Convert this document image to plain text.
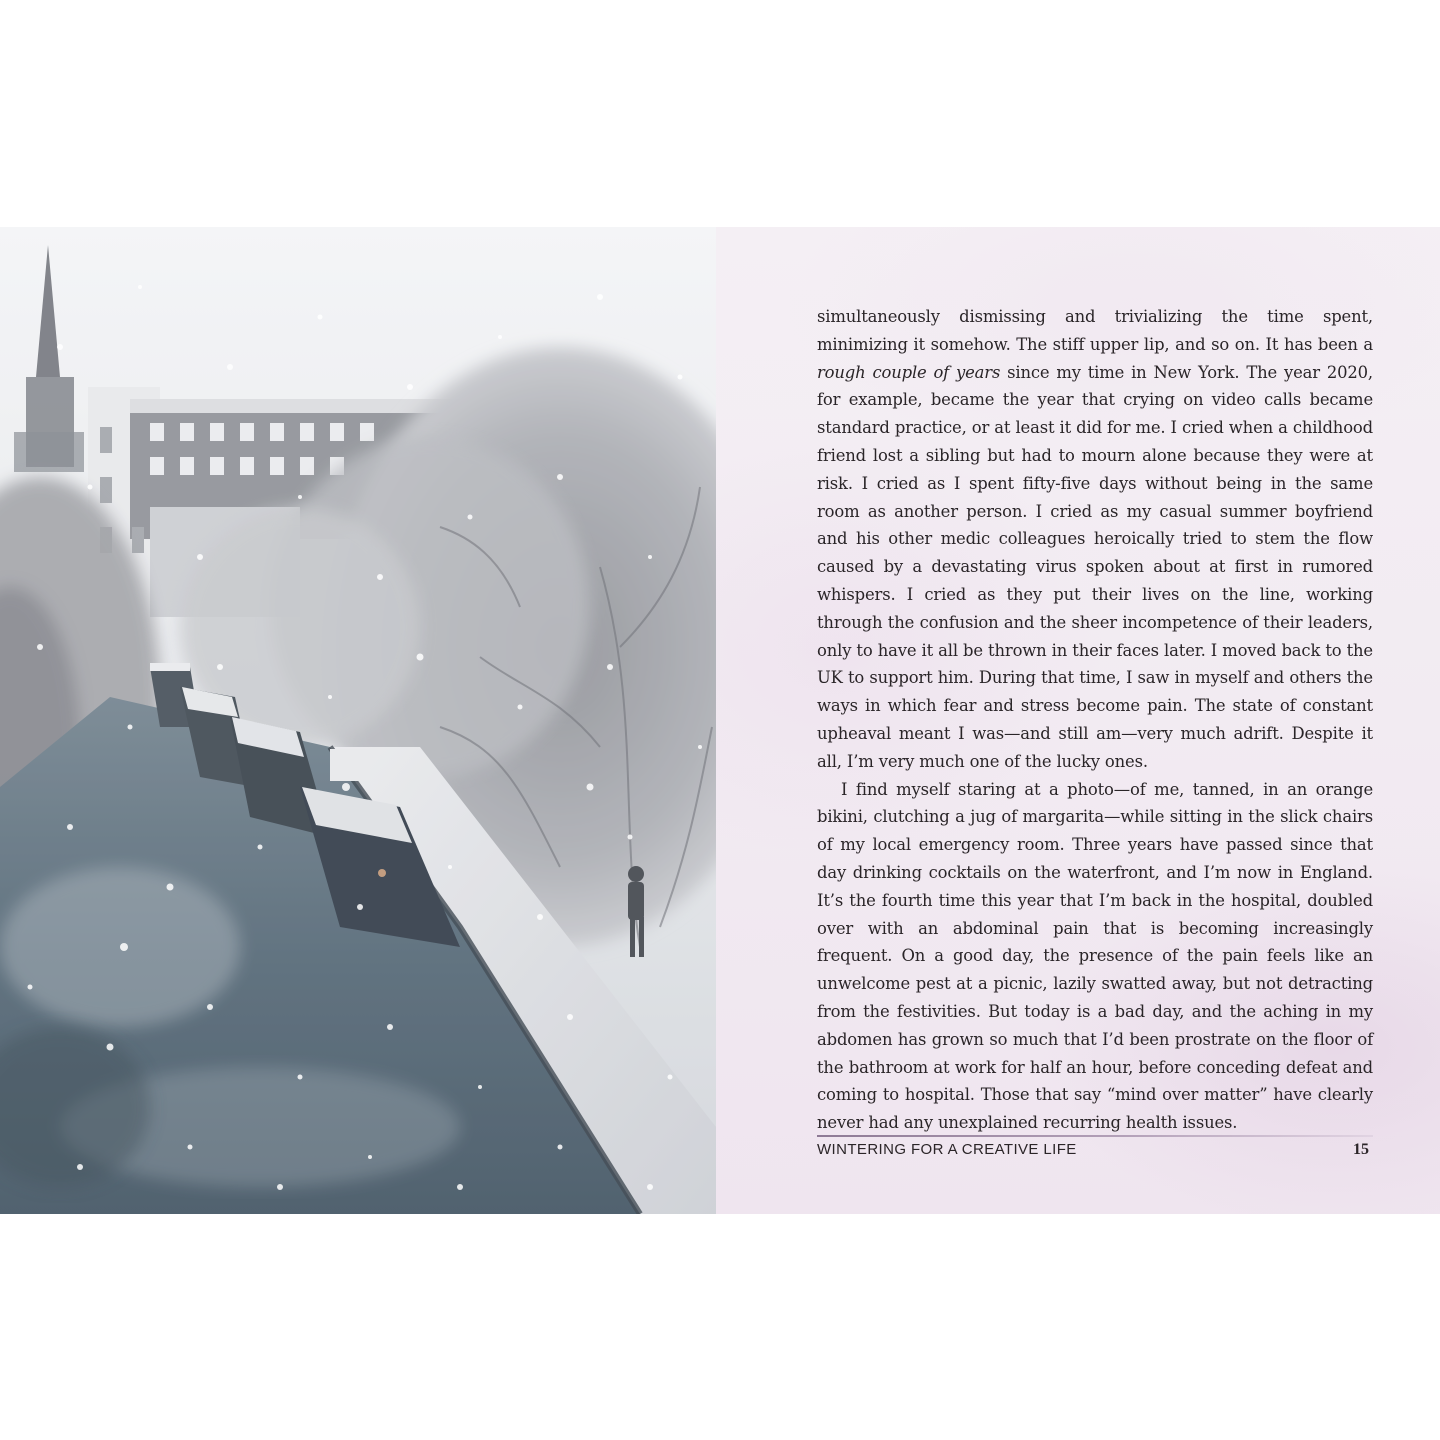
simultaneously dismissing and trivializing the time spent, minimizing it somehow. The stiff upper lip, and so on. It has been a rough couple of years since my time in New York. The year 2020, for example, became the year that crying on video calls became standard practice, or at least it did for me. I cried when a childhood friend lost a sibling but had to mourn alone because they were at risk. I cried as I spent fifty-five days without being in the same room as another person. I cried as my casual summer boyfriend and his other medic colleagues heroically tried to stem the flow caused by a devastating virus spoken about at first in rumored whispers. I cried as they put their lives on the line, working through the confusion and the sheer incompetence of their leaders, only to have it all be thrown in their faces later. I moved back to the UK to support him. During that time, I saw in myself and others the ways in which fear and stress become pain. The state of constant upheaval meant I was—and still am—very much adrift. Despite it all, I’m very much one of the lucky ones.

I find myself staring at a photo—of me, tanned, in an orange bikini, clutching a jug of margarita—while sitting in the slick chairs of my local emergency room. Three years have passed since that day drinking cocktails on the waterfront, and I’m now in England. It’s the fourth time this year that I’m back in the hospital, doubled over with an abdominal pain that is becoming increasingly frequent. On a good day, the presence of the pain feels like an unwelcome pest at a picnic, lazily swatted away, but not detracting from the festivities. But today is a bad day, and the aching in my abdomen has grown so much that I’d been prostrate on the floor of the bathroom at work for half an hour, before conceding defeat and coming to hospital. Those that say “mind over matter” have clearly never had any unexplained recurring health issues.

WINTERING FOR A CREATIVE LIFE	15
